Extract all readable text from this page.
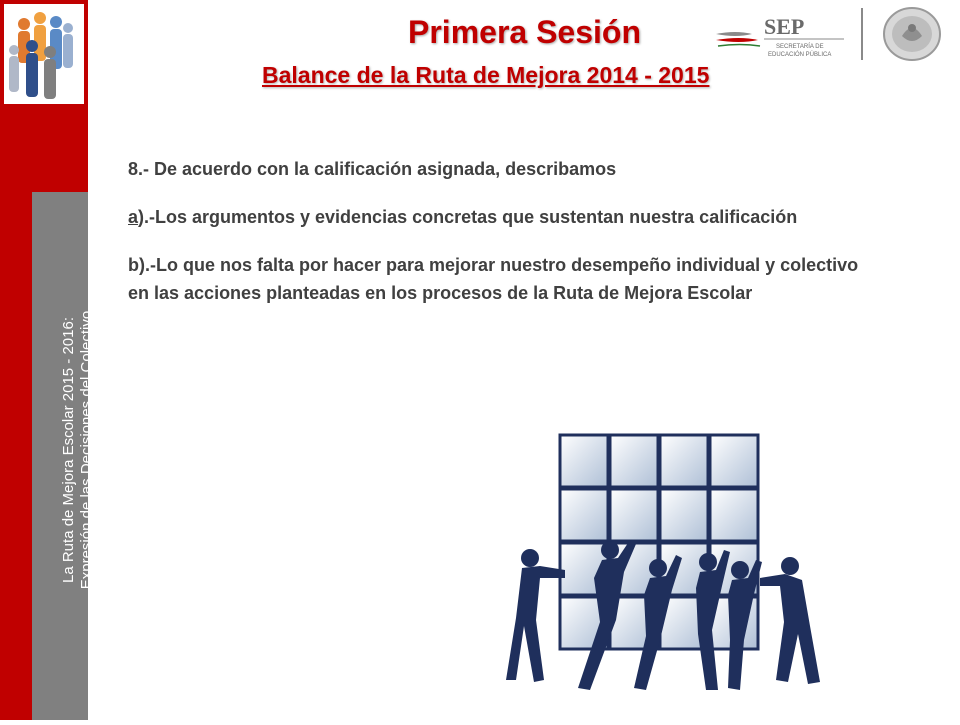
La Ruta de Mejora Escolar 2015 - 2016: Expresión de las Decisiones del Colectivo
Primera Sesión
Balance de la Ruta de Mejora 2014 - 2015
SEP
SECRETARÍA DE
EDUCACIÓN PÚBLICA

8.- De acuerdo con la calificación asignada, describamos

a).-Los argumentos y evidencias concretas que sustentan nuestra calificación

b).-Lo que nos falta por hacer para mejorar nuestro desempeño individual y colectivo en las acciones planteadas en los procesos de la Ruta de Mejora Escolar
